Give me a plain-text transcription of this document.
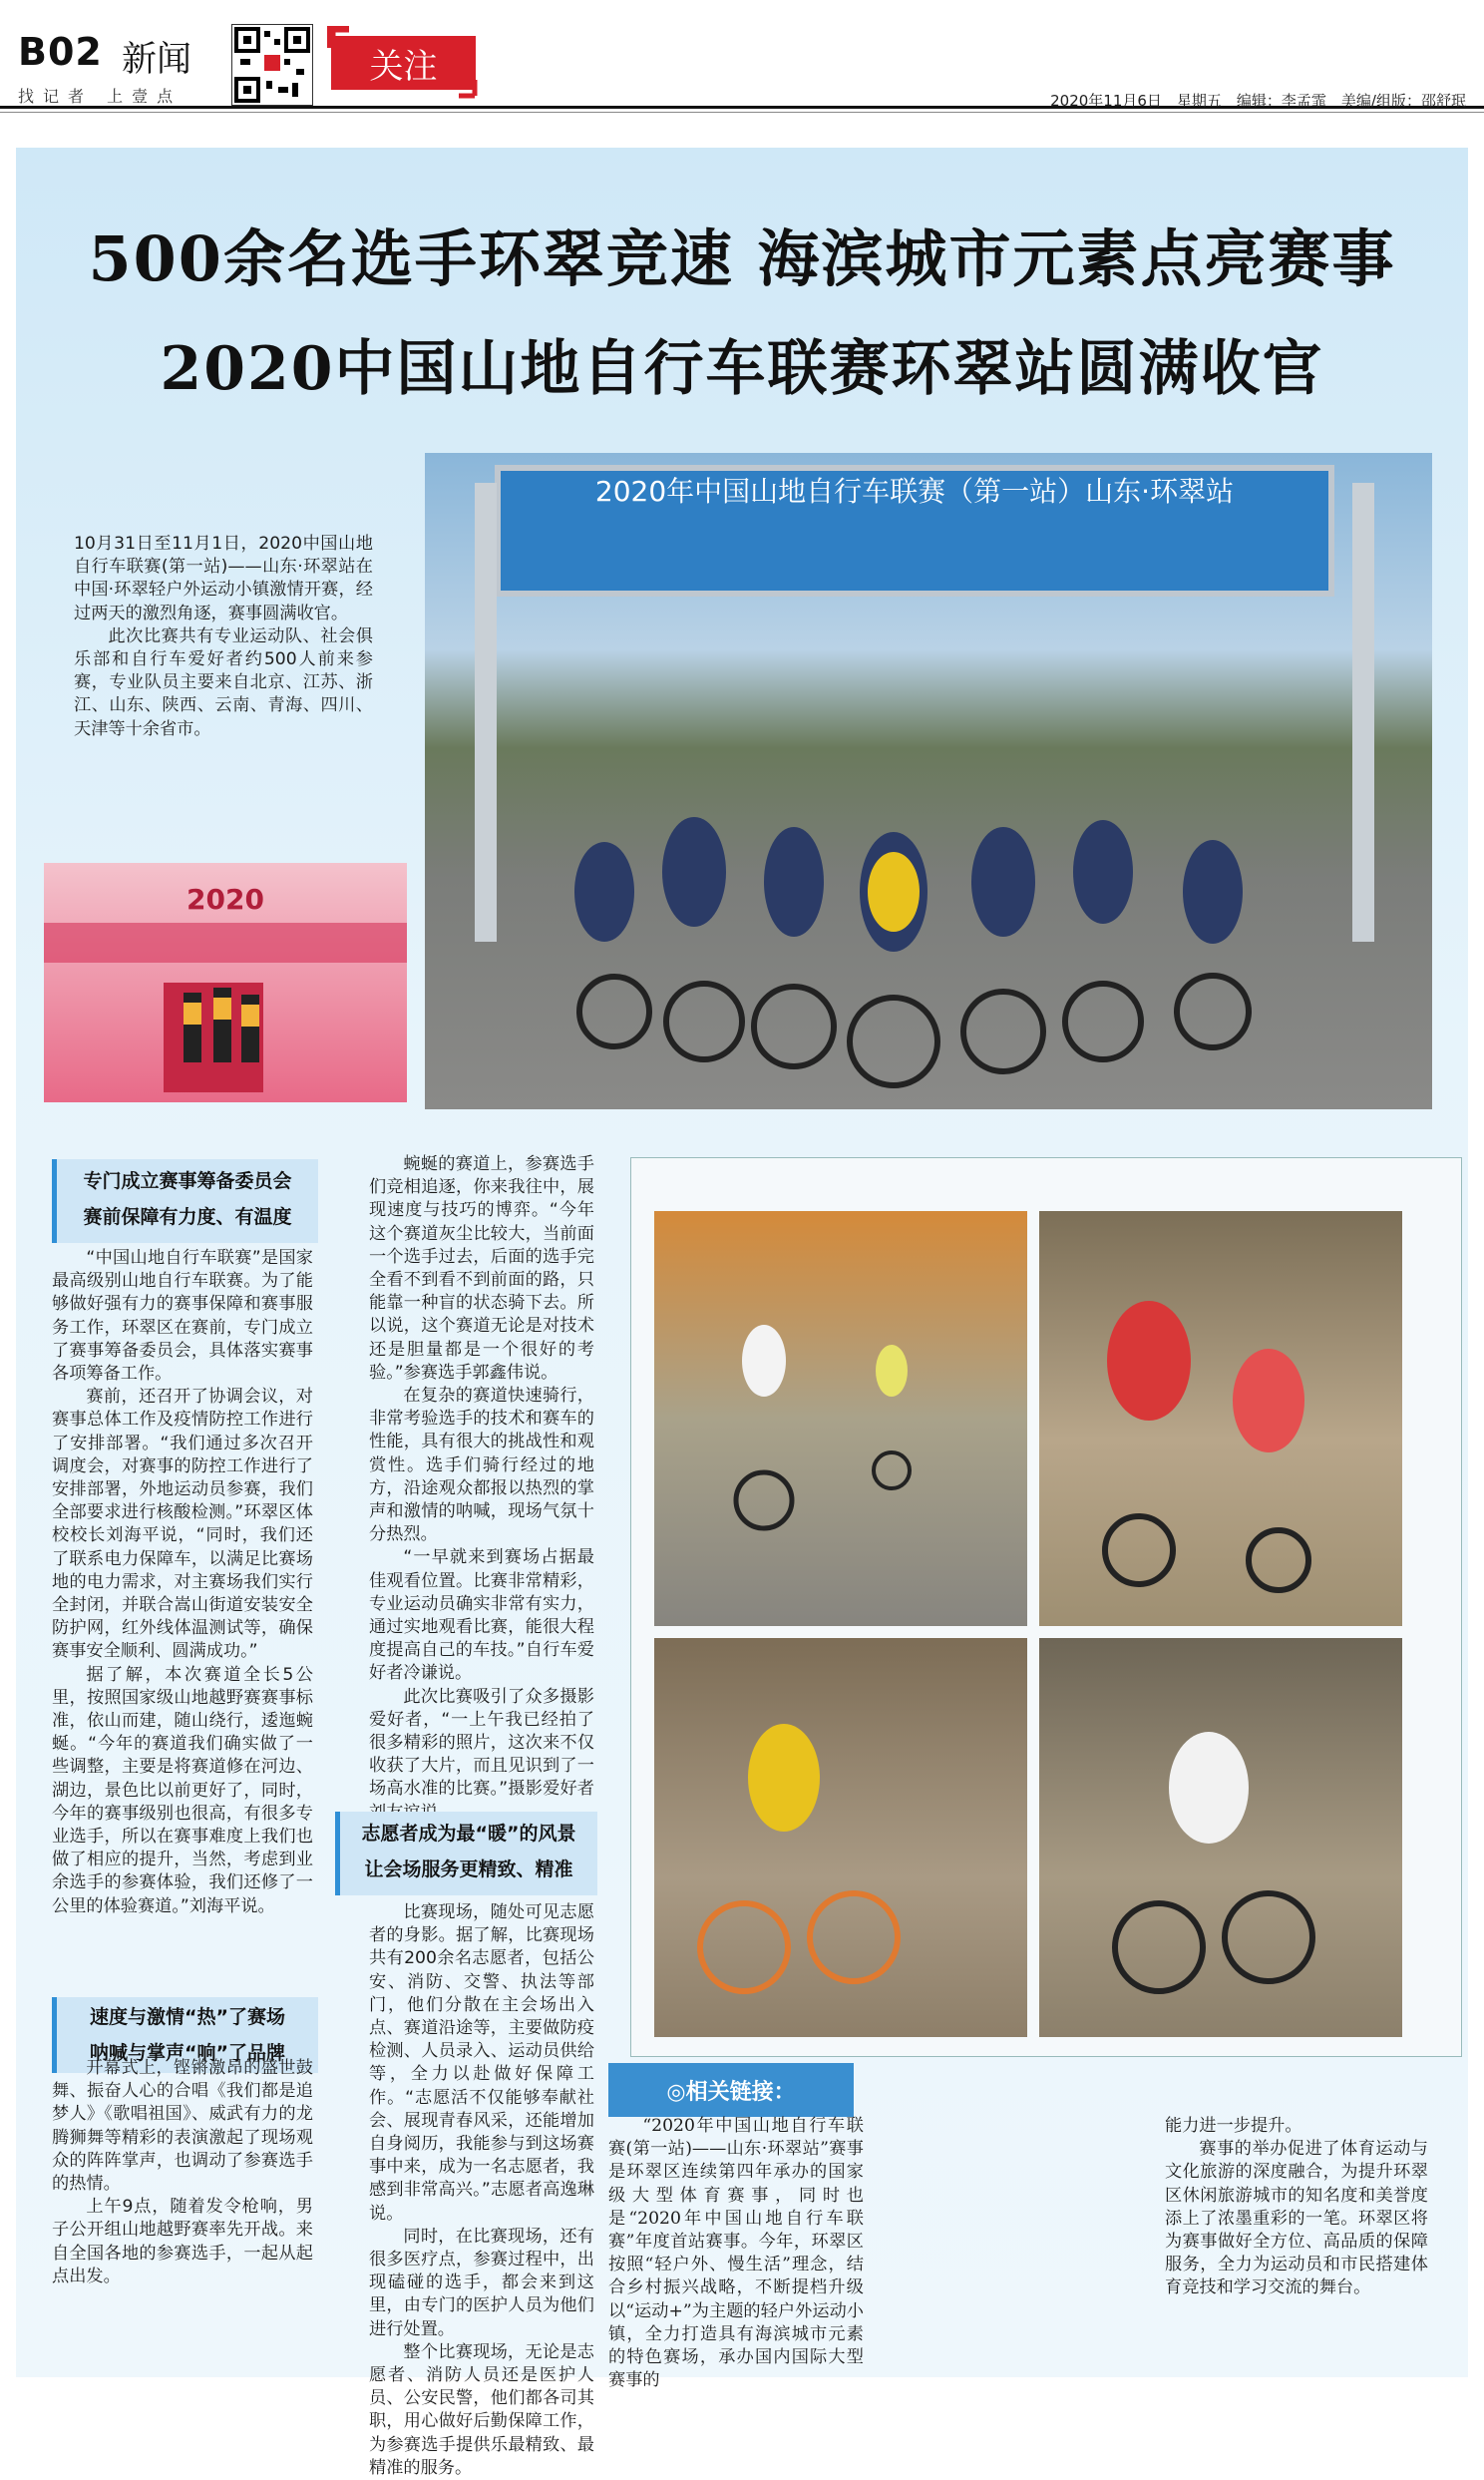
B02 新闻
找记者 上壹点
关注
2020年11月6日　星期五　编辑：李孟霏　美编/组版：邵舒珉
500余名选手环翠竞速 海滨城市元素点亮赛事
2020中国山地自行车联赛环翠站圆满收官
2020年中国山地自行车联赛（第一站）山东·环翠站
2020

10月31日至11月1日，2020中国山地自行车联赛(第一站)——山东·环翠站在中国·环翠轻户外运动小镇激情开赛，经过两天的激烈角逐，赛事圆满收官。

此次比赛共有专业运动队、社会俱乐部和自行车爱好者约500人前来参赛，专业队员主要来自北京、江苏、浙江、山东、陕西、云南、青海、四川、天津等十余省市。

专门成立赛事筹备委员会
赛前保障有力度、有温度

“中国山地自行车联赛”是国家最高级别山地自行车联赛。为了能够做好强有力的赛事保障和赛事服务工作，环翠区在赛前，专门成立了赛事筹备委员会，具体落实赛事各项筹备工作。

赛前，还召开了协调会议，对赛事总体工作及疫情防控工作进行了安排部署。“我们通过多次召开调度会，对赛事的防控工作进行了安排部署，外地运动员参赛，我们全部要求进行核酸检测。”环翠区体校校长刘海平说，“同时，我们还了联系电力保障车，以满足比赛场地的电力需求，对主赛场我们实行全封闭，并联合嵩山街道安装安全防护网，红外线体温测试等，确保赛事安全顺利、圆满成功。”

据了解，本次赛道全长5公里，按照国家级山地越野赛赛事标准，依山而建，随山绕行，逶迤蜿蜒。“今年的赛道我们确实做了一些调整，主要是将赛道修在河边、湖边，景色比以前更好了，同时，今年的赛事级别也很高，有很多专业选手，所以在赛事难度上我们也做了相应的提升，当然，考虑到业余选手的参赛体验，我们还修了一公里的体验赛道。”刘海平说。

速度与激情“热”了赛场
呐喊与掌声“响”了品牌

开幕式上，铿锵激昂的盛世鼓舞、振奋人心的合唱《我们都是追梦人》《歌唱祖国》、威武有力的龙腾狮舞等精彩的表演激起了现场观众的阵阵掌声，也调动了参赛选手的热情。

上午9点，随着发令枪响，男子公开组山地越野赛率先开战。来自全国各地的参赛选手，一起从起点出发。

蜿蜒的赛道上，参赛选手们竞相追逐，你来我往中，展现速度与技巧的博弈。“今年这个赛道灰尘比较大，当前面一个选手过去，后面的选手完全看不到看不到前面的路，只能靠一种盲的状态骑下去。所以说，这个赛道无论是对技术还是胆量都是一个很好的考验。”参赛选手郭鑫伟说。

在复杂的赛道快速骑行，非常考验选手的技术和赛车的性能，具有很大的挑战性和观赏性。选手们骑行经过的地方，沿途观众都报以热烈的掌声和激情的呐喊，现场气氛十分热烈。

“一早就来到赛场占据最佳观看位置。比赛非常精彩，专业运动员确实非常有实力，通过实地观看比赛，能很大程度提高自己的车技。”自行车爱好者冷谦说。

此次比赛吸引了众多摄影爱好者，“一上午我已经拍了很多精彩的照片，这次来不仅收获了大片，而且见识到了一场高水准的比赛。”摄影爱好者

志愿者成为最“暖”的风景
让会场服务更精致、精准

比赛现场，随处可见志愿者的身影。据了解，比赛现场共有200余名志愿者，包括公安、消防、交警、执法等部门，他们分散在主会场出入点、赛道沿途等，主要做防疫检测、人员录入、运动员供给等，全力以赴做好保障工作。“志愿活不仅能够奉献社会、展现青春风采，还能增加自身阅历，我能参与到这场赛事中来，成为一名志愿者，我感到非常高兴。”志愿者高逸琳说。

同时，在比赛现场，还有很多医疗点，参赛过程中，出现磕碰的选手，都会来到这里，由专门的医护人员为他们进行处置。

整个比赛现场，无论是志愿者、消防人员还是医护人员、公安民警，他们都各司其职，用心做好后勤保障工作，为参赛选手提供乐最精致、最精准的服务。

◎相关链接：

“2020年中国山地自行车联赛(第一站)——山东·环翠站”赛事是环翠区连续第四年承办的国家级大型体育赛事，同时也是“2020年中国山地自行车联赛”年度首站赛事。今年，环翠区按照“轻户外、慢生活”理念，结合乡村振兴战略，不断提档升级以“运动+”为主题的轻户外运动小镇，全力打造具有海滨城市元素的特色赛场，承办国内国际大型赛事的

能力进一步提升。

赛事的举办促进了体育运动与文化旅游的深度融合，为提升环翠区休闲旅游城市的知名度和美誉度添上了浓墨重彩的一笔。环翠区将为赛事做好全方位、高品质的保障服务，全力为运动员和市民搭建体育竞技和学习交流的舞台。
